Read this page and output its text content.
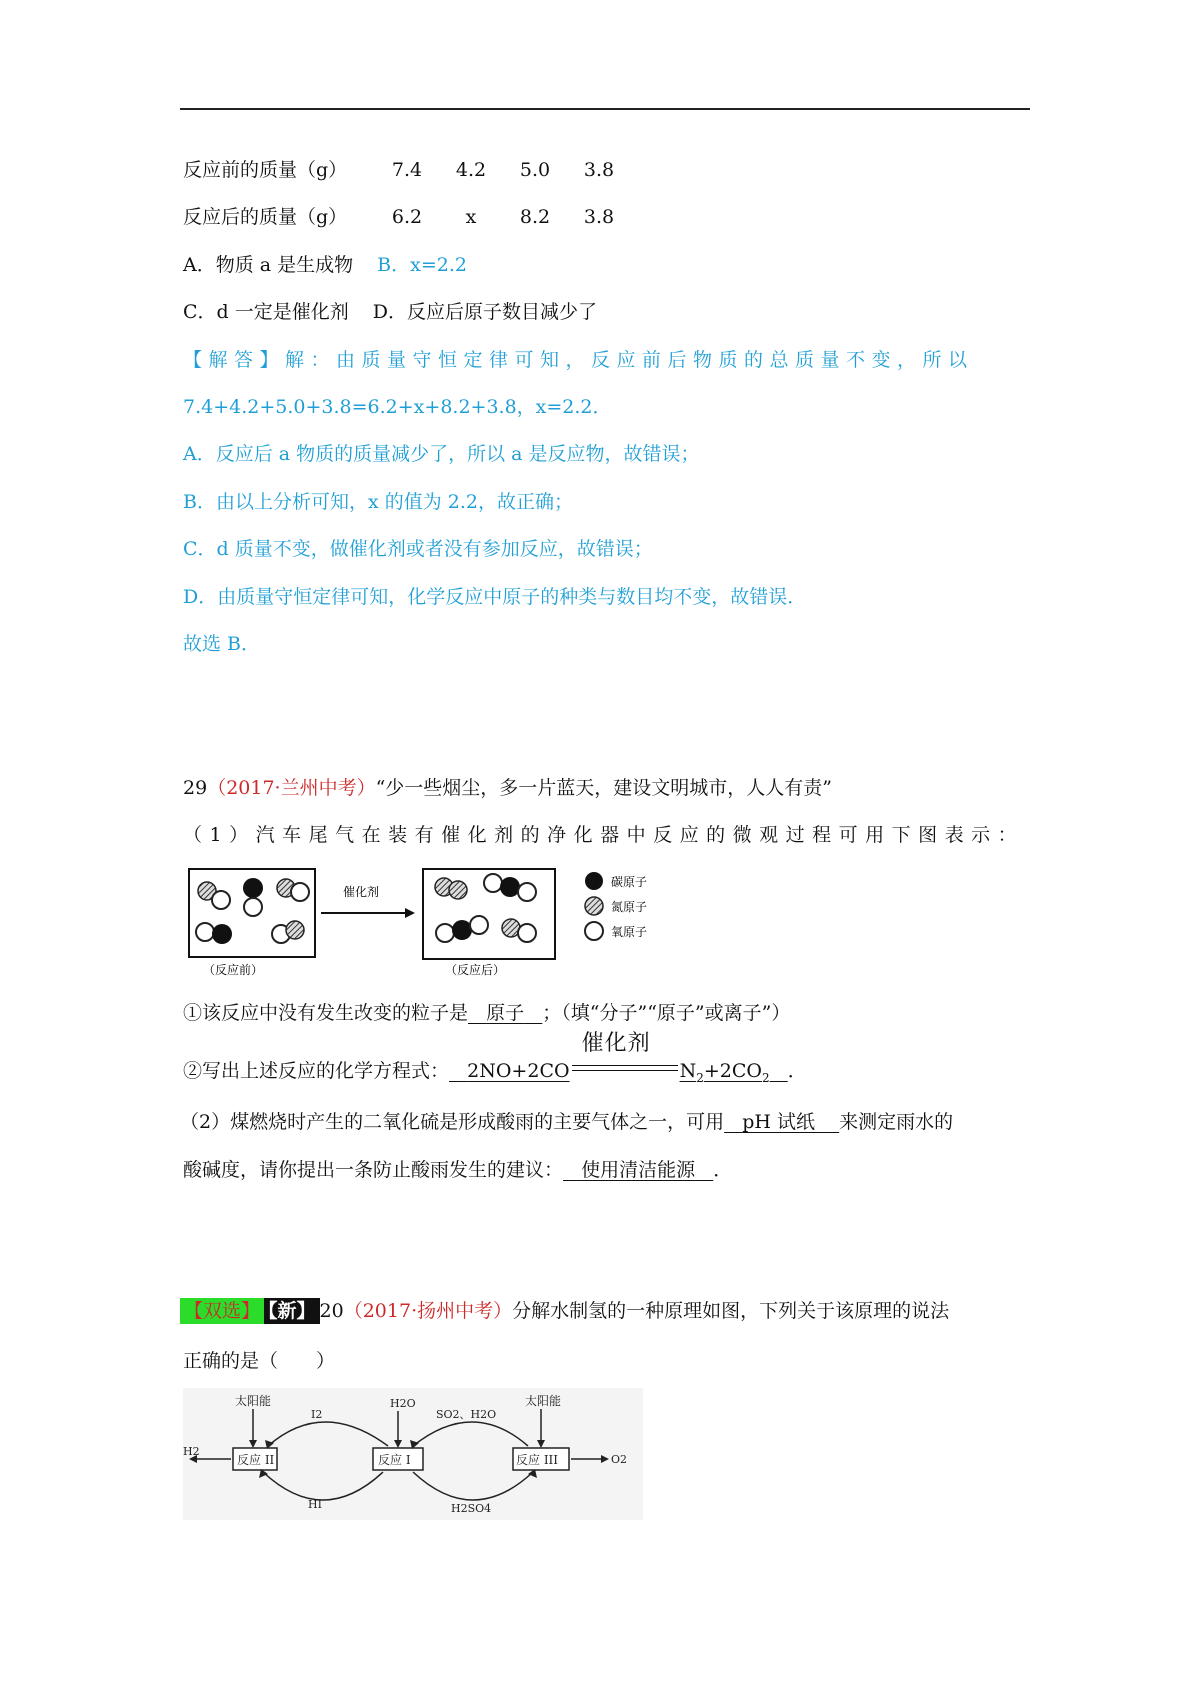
反应前的质量（g） 7.4 4.2 5.0 3.8
反应后的质量（g） 6.2 x 8.2 3.8
A．物质 a 是生成物 B．x=2.2
C．d 一定是催化剂 D．反应后原子数目减少了
【解答】解：由质量守恒定律可知，反应前后物质的总质量不变，所以
7.4+4.2+5.0+3.8=6.2+x+8.2+3.8，x=2.2．
A．反应后 a 物质的质量减少了，所以 a 是反应物，故错误；
B．由以上分析可知，x 的值为 2.2，故正确；
C．d 质量不变，做催化剂或者没有参加反应，故错误；
D．由质量守恒定律可知，化学反应中原子的种类与数目均不变，故错误．
故选 B．
29（2017·兰州中考）“少一些烟尘，多一片蓝天，建设文明城市，人人有责”
（1）汽车尾气在装有催化剂的净化器中反应的微观过程可用下图表示：
（反应前）
催化剂
（反应后）
碳原子
氮原子
氧原子
①该反应中没有发生改变的粒子是 原子 ；（填“分子”“原子”或离子”）
②写出上述反应的化学方程式： 2NO+2CO
催化剂
$N_2+2CO_2$ ．
（2）煤燃烧时产生的二氧化硫是形成酸雨的主要气体之一，可用 pH 试纸 来测定雨水的
酸碱度，请你提出一条防止酸雨发生的建议： 使用清洁能源 ．
【双选】 【新】 20（2017·扬州中考）分解水制氢的一种原理如图，下列关于该原理的说法
正确的是（　　）
太阳能	太阳能
H2O
反应 II	反应 I	反应 III
H2
O2
I2	SO2、H2O
HI	H2SO4
